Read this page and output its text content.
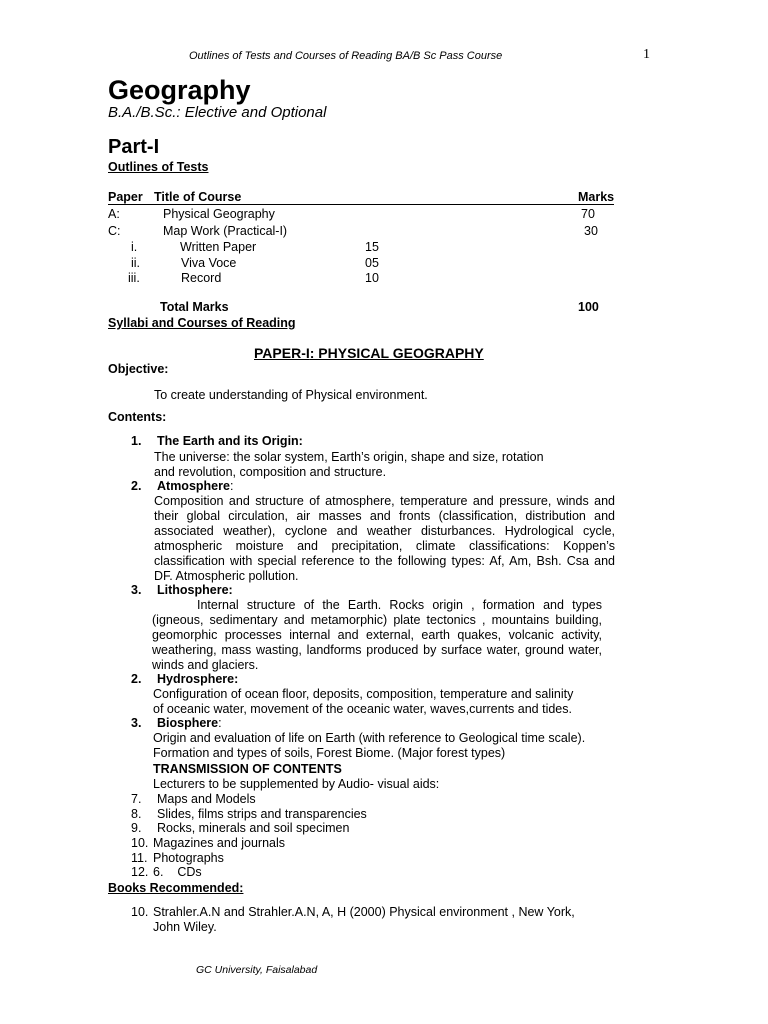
Outlines of Tests and Courses of Reading BA/B Sc Pass Course	1
Geography
B.A./B.Sc.: Elective and Optional
Part-I
Outlines of Tests
Paper Title of Course	Marks
A:	Physical Geography	70
C:	Map Work (Practical-I)	30
i.	Written Paper	15
ii.	Viva Voce	05
iii.	Record	10
Total Marks	100
Syllabi and Courses of Reading
PAPER-I: PHYSICAL GEOGRAPHY
Objective:
To create understanding of Physical environment.
Contents:
1. The Earth and its Origin:
The universe: the solar system, Earth’s origin, shape and size, rotation
and revolution, composition and structure.
2. Atmosphere:
Composition and structure of atmosphere, temperature and pressure, winds and
their global circulation, air masses and fronts (classification, distribution and
associated weather), cyclone and weather disturbances. Hydrological cycle,
atmospheric moisture and precipitation, climate classifications: Koppen’s
classification with special reference to the following types: Af, Am, Bsh. Csa and
DF. Atmospheric pollution.
3. Lithosphere:
Internal structure of the Earth. Rocks origin , formation and types
(igneous, sedimentary and metamorphic) plate tectonics , mountains building,
geomorphic processes internal and external, earth quakes, volcanic activity,
weathering, mass wasting, landforms produced by surface water, ground water,
winds and glaciers.
2. Hydrosphere:
Configuration of ocean floor, deposits, composition, temperature and salinity
of oceanic water, movement of the oceanic water, waves,currents and tides.
3. Biosphere:
Origin and evaluation of life on Earth (with reference to Geological time scale).
Formation and types of soils, Forest Biome. (Major forest types)
TRANSMISSION OF CONTENTS
Lecturers to be supplemented by Audio- visual aids:
7. Maps and Models
8. Slides, films strips and transparencies
9. Rocks, minerals and soil specimen
10. Magazines and journals
11. Photographs
12. 6.    CDs
Books Recommended:
10. Strahler.A.N and Strahler.A.N, A, H (2000) Physical environment , New York,
John Wiley.
GC University, Faisalabad
